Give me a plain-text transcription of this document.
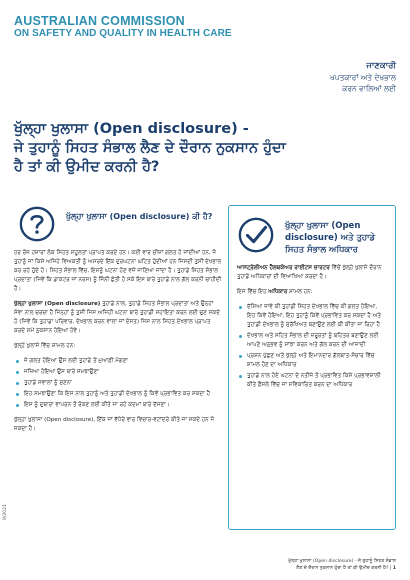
AUSTRALIAN COMMISSION
ON SAFETY AND QUALITY IN HEALTH CARE
ਜਾਣਕਾਰੀ
ਖਪਤਕਾਰਾਂ ਅਤੇ ਦੇਖਭਾਲ
ਕਰਨ ਵਾਲਿਆਂ ਲਈ
ਖੁੱਲ੍ਹਾ ਖੁਲਾਸਾ (Open disclosure) -
ਜੇ ਤੁਹਾਨੂੰ ਸਿਹਤ ਸੰਭਾਲ ਲੈਣ ਦੇ ਦੌਰਾਨ ਨੁਕਸਾਨ ਹੁੰਦਾ
ਹੈ ਤਾਂ ਕੀ ਉਮੀਦ ਕਰਨੀ ਹੈ?
ਖੁੱਲ੍ਹਾ ਖੁਲਾਸਾ (Open disclosure) ਕੀ ਹੈ?

ਹਰ ਰੋਜ਼ ਹਜ਼ਾਰਾਂ ਲੋਕ ਸਿਹਤ ਸਹੂਲਤਾਂ ਪ੍ਰਾਪਤ ਕਰਦੇ ਹਨ। ਕਈ ਵਾਰ ਚੀਜ਼ਾਂ ਗਲਤ ਹੋ ਜਾਂਦੀਆਂ ਹਨ, ਜੋ ਤੁਹਾਨੂੰ ਜਾਂ ਕਿਸੇ ਅਜਿਹੇ ਵਿਅਕਤੀ ਨੂੰ ਅਸਰਦੇ ਇੱਕ ਦੁਰਘਟਨਾ ਘਟਿਤ ਹੁੰਦੀਆਂ ਹਨ ਜਿਸਦੀ ਤੁਸੀਂ ਦੇਖਭਾਲ ਕਰ ਰਹੇ ਹੁੰਦੇ ਹੋ। ਸਿਹਤ ਸੰਭਾਲ ਵਿੱਚ, ਇਸਨੂੰ ਘਟਨਾ ਹੋਣ ਵਜੋਂ ਜਾਣਿਆ ਜਾਂਦਾ ਹੈ। ਤੁਹਾਡੇ ਸਿਹਤ ਸੰਭਾਲ ਪ੍ਰਦਾਤਾ (ਜਿਵੇਂ ਕਿ ਡਾਕਟਰ ਜਾਂ ਨਰਸ) ਨੂੰ ਜਿੰਨੀ ਛੇਤੀ ਹੋ ਸਕੇ ਇਸ ਬਾਰੇ ਤੁਹਾਡੇ ਨਾਲ ਗੱਲ ਕਰਨੀ ਚਾਹੀਦੀ ਹੈ।

ਖੁੱਲ੍ਹਾ ਖੁਲਾਸਾ (Open disclosure) ਤੁਹਾਡੇ ਨਾਲ, ਤੁਹਾਡੇ ਸਿਹਤ ਸੰਭਾਲ ਪ੍ਰਦਾਤਾ ਅਤੇ ਉਨ੍ਹਾਂ ਸੇਵਾ ਨਾਲ ਚਰਚਾ ਹੈ ਜਿਨ੍ਹਾਂ ਨੂੰ ਤੁਸੀਂ ਜਿਸ ਅਜਿਹੀ ਘਟਨਾ ਬਾਰੇ ਤੁਹਾਡੀ ਸਹਾਇਤਾ ਕਰਨ ਲਈ ਚੁਣ ਸਕਦੇ ਹੋ (ਜਿਵੇਂ ਕਿ ਤੁਹਾਡਾ ਪਰਿਵਾਰ, ਦੇਖਭਾਲ ਕਰਨ ਵਾਲਾ ਜਾਂ ਦੋਸਤ) ਜਿਸ ਨਾਲ ਸਿਹਤ ਦੇਖਭਾਲ ਪ੍ਰਾਪਤ ਕਰਦੇ ਸਮੇਂ ਨੁਕਸਾਨ ਹੋਇਆ ਹੋਵੇ।

ਖੁੱਲ੍ਹੇ ਖੁਲਾਸੇ ਵਿੱਚ ਸ਼ਾਮਲ ਹਨ:

ਜੋ ਗਲਤ ਹੋਇਆ ਉਸ ਲਈ ਤੁਹਾਡੇ ਤੋਂ ਮੁਆਫ਼ੀ ਮੰਗਣਾ
ਜਜ਼ਿਆ ਹੋਇਆ ਉਸ ਬਾਰੇ ਸਮਝਾਉਣਾ
ਤੁਹਾਡੇ ਸਵਾਲਾਂ ਨੂੰ ਸੁਣਨਾ
ਇਹ ਸਮਝਾਉਣਾ ਕਿ ਇਸ ਨਾਲ ਤੁਹਾਨੂੰ ਅਤੇ ਤੁਹਾਡੀ ਦੇਖਭਾਲ ਨੂੰ ਕਿਵੇਂ ਪ੍ਰਭਾਵਿਤ ਕਰ ਸਕਦਾ ਹੈ
ਇਸ ਨੂੰ ਦੁਬਾਰਾ ਵਾਪਰਨ ਤੋਂ ਰੋਕਣ ਲਈ ਕੀਤੇ ਜਾ ਰਹੇ ਕਦਮਾਂ ਬਾਰੇ ਦੱਸਣਾ।

ਖੁੱਲ੍ਹਾ ਖੁਲਾਸਾ (Open disclosure), ਇੱਕ ਜਾਂ ਵੱਧੇਰੇ ਵਾਰ ਵਿਚਾਰ-ਵਟਾਂਦਰੇ ਕੀਤੇ ਜਾ ਸਕਦੇ ਹਨ ਜੋ ਸਕਦਾ ਹੈ।

ਖੁੱਲ੍ਹਾ ਖੁਲਾਸਾ (Open disclosure) ਅਤੇ ਤੁਹਾਡੇ ਸਿਹਤ ਸੰਭਾਲ ਅਧਿਕਾਰ

ਆਸਟ੍ਰੇਲੀਅਨ ਹੈਲਥਕੇਅਰ ਰਾਈਟਸ ਚਾਰਟਰ ਵਿੱਚੋਂ ਖੁੱਲ੍ਹੇ ਖੁਲਾਸੇ ਦੌਰਾਨ ਤੁਹਾਡੇ ਅਧਿਕਾਰਾਂ ਦੀ ਵਿਆਖਿਆ ਕਰਦਾ ਹੈ।

ਇਸ ਵਿੱਚ ਇਹ ਅਧਿਕਾਰ ਸ਼ਾਮਲ ਹਨ:

ਦੱਸਿਆ ਜਾਵੇ ਕੀ ਤੁਹਾਡੀ ਸਿਹਤ ਦੇਖਭਾਲ ਵਿੱਚ ਕੀ ਗਲਤ ਹੋਇਆ, ਇਹ ਕਿਵੇਂ ਹੋਇਆ, ਇਹ ਤੁਹਾਨੂੰ ਕਿਵੇਂ ਪ੍ਰਭਾਵਿਤ ਕਰ ਸਕਦਾ ਹੈ ਅਤੇ ਤੁਹਾਡੀ ਦੇਖਭਾਲ ਨੂੰ ਸੁਰੱਖਿਅਤ ਬਣਾਉਣ ਲਈ ਕੀ ਕੀਤਾ ਜਾ ਰਿਹਾ ਹੈ
ਦੇਖਭਾਲ ਅਤੇ ਸਹਿਤ ਸੰਭਾਲ ਦੀ ਜ਼ਰੂਰਤਾਂ ਨੂੰ ਬਹਿਤਰ ਬਣਾਉਣ ਲਈ ਆਪਣੇ ਅਨੁਭਵ ਨੂੰ ਸਾਂਝਾ ਕਰਨ ਅਤੇ ਗੱਲ ਕਰਨ ਦੀ ਆਜ਼ਾਦੀ
ਪ੍ਰਸ਼ਨ ਪੁੱਛਣ ਅਤੇ ਖੁੱਲ੍ਹੇ ਅਤੇ ਇਮਾਨਦਾਰ ਗੱਲਬਾਤ-ਸੰਚਾਰ ਵਿੱਚ ਸ਼ਾਮਲ ਹੋਣ ਦਾ ਅਧਿਕਾਰ
ਤੁਹਾਡੇ ਨਾਲ ਹੋਏ ਘਟਨਾ ਦੇ ਨਤੀਜੇ ਤੋਂ ਪ੍ਰਭਾਵਿਤ ਕਿਸੇ ਪ੍ਰਭਾਵਸ਼ਾਲੀ ਕੀਤੇ ਫ਼ੈਸਲੇ ਵਿੱਚ ਜਾਂ ਸਵਿਕਾਰਿਤ ਕਰਨ ਦਾ ਅਧਿਕਾਰ
9/2021
ਖੁੱਲ੍ਹਾ ਖੁਲਾਸਾ (Open disclosure) - ਜੇ ਤੁਹਾਨੂੰ ਸਿਹਤ ਸੰਭਾਲ
ਲੈਣ ਦੇ ਦੌਰਾਨ ਨੁਕਸਾਨ ਹੁੰਦਾ ਹੈ ਤਾਂ ਕੀ ਉਮੀਦ ਕਰਨੀ ਹੈ? | 1
